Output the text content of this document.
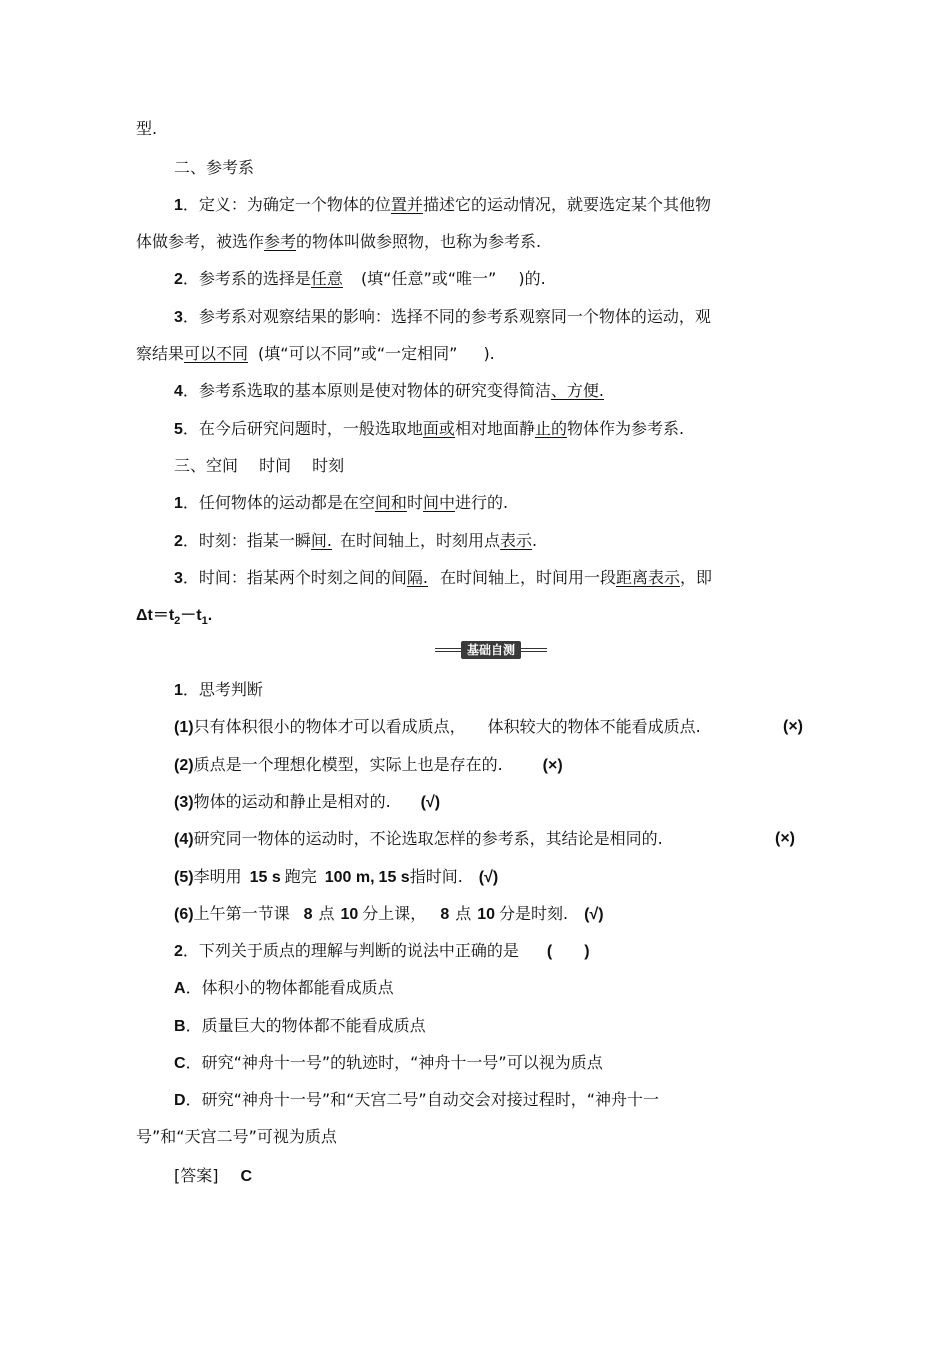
型.
二、参考系
1．定义：为确定一个物体的位置并描述它的运动情况，就要选定某个其他物
体做参考，被选作参考的物体叫做参照物，也称为参考系.
2．参考系的选择是任意 (填“任意”或“唯一” )的.
3．参考系对观察结果的影响：选择不同的参考系观察同一个物体的运动，观
察结果可以不同 (填“可以不同”或“一定相同” ).
4．参考系选取的基本原则是使对物体的研究变得简洁、方便.
5．在今后研究问题时，一般选取地面或相对地面静止的物体作为参考系.
三、空间　 时间　 时刻
1．任何物体的运动都是在空间和时间中进行的.
2．时刻：指某一瞬间. 在时间轴上，时刻用点表示.
3．时间：指某两个时刻之间的间隔. 在时间轴上，时间用一段距离表示，即
$\Delta t=t_2-t_1$.
基础自测
1．思考判断
(1)只有体积很小的物体才可以看成质点， 体积较大的物体不能看成质点.	(×)
(2)质点是一个理想化模型，实际上也是存在的.	(×)
(3)物体的运动和静止是相对的. (√)
(4)研究同一物体的运动时，不论选取怎样的参考系，其结论是相同的.	(×)
(5)李明用 15 s 跑完 100 m, 15 s指时间. (√)
(6)上午第一节课 8 点 10 分上课， 8 点 10 分是时刻. (√)
2．下列关于质点的理解与判断的说法中正确的是 (　　)
A．体积小的物体都能看成质点
B．质量巨大的物体都不能看成质点
C．研究“神舟十一号”的轨迹时，“神舟十一号”可以视为质点
D．研究“神舟十一号”和“天宫二号”自动交会对接过程时，“神舟十一
号”和“天宫二号”可视为质点
[答案] C
